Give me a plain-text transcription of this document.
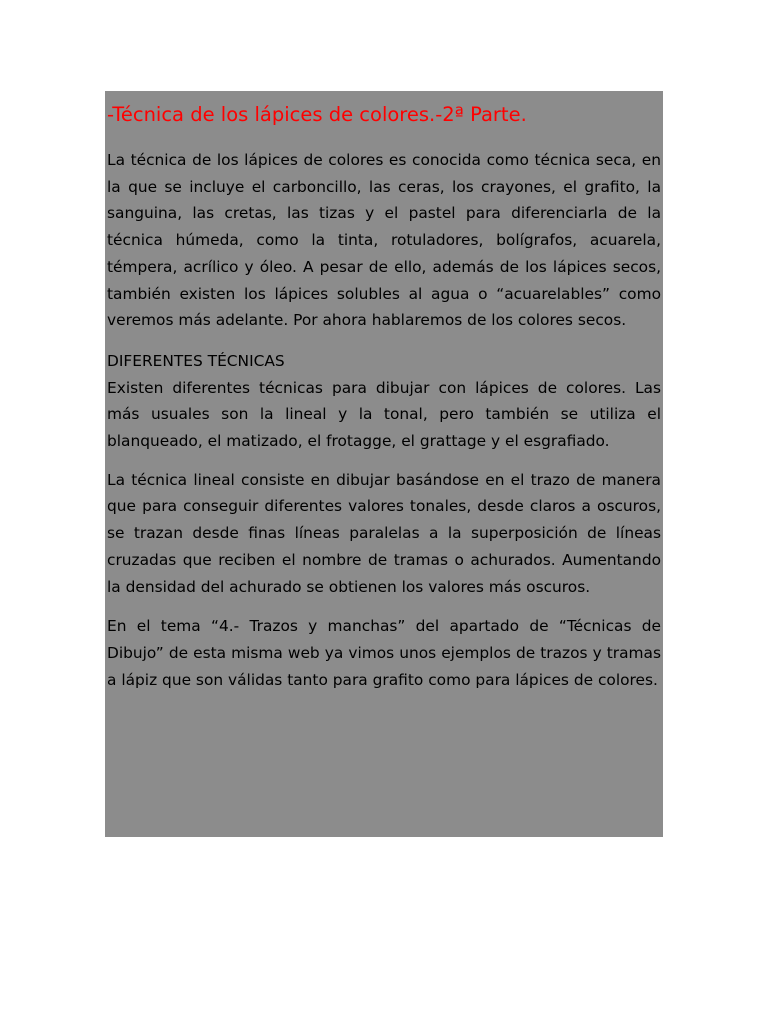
-Técnica de los lápices de colores.-2ª Parte.

La técnica de los lápices de colores es conocida como técnica seca, en la que se incluye el carboncillo, las ceras, los crayones, el grafito, la sanguina, las cretas, las tizas y el pastel para diferenciarla de la técnica húmeda, como la tinta, rotuladores, bolígrafos, acuarela, témpera, acrílico y óleo. A pesar de ello, además de los lápices secos, también existen los lápices solubles al agua o “acuarelables” como veremos más adelante. Por ahora hablaremos de los colores secos.

DIFERENTES TÉCNICAS

Existen diferentes técnicas para dibujar con lápices de colores. Las más usuales son la lineal y la tonal, pero también se utiliza el blanqueado, el matizado, el frotagge, el grattage y el esgrafiado.

La técnica lineal consiste en dibujar basándose en el trazo de manera que para conseguir diferentes valores tonales, desde claros a oscuros, se trazan desde finas líneas paralelas a la superposición de líneas cruzadas que reciben el nombre de tramas o achurados. Aumentando la densidad del achurado se obtienen los valores más oscuros.

En el tema “4.- Trazos y manchas” del apartado de “Técnicas de Dibujo” de esta misma web ya vimos unos ejemplos de trazos y tramas a lápiz que son válidas tanto para grafito como para lápices de colores.
